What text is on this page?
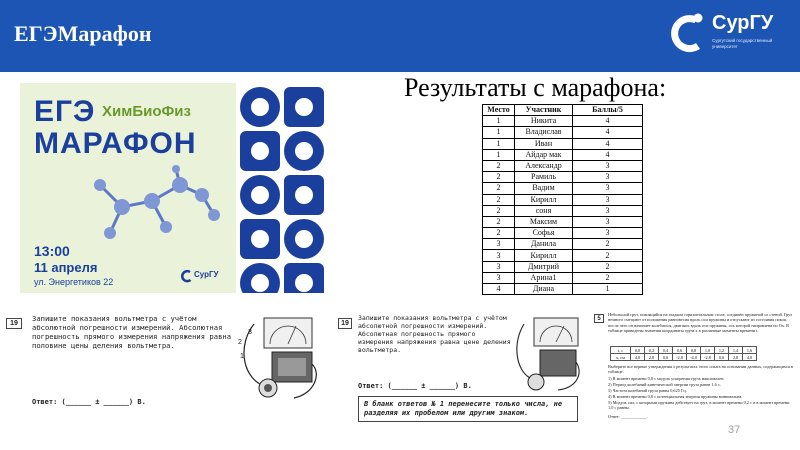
ЕГЭМарафон	СурГУ
Сургутский государственный университет
ЕГЭ ХимБиоФиз
МАРАФОН
13:00
11 апреля
ул. Энергетиков 22
СурГУ
Результаты с марафона:
Место	Участник	Баллы/5
1	Никита	4
1	Владислав	4
1	Иван	4
1	Айдар мак	4
2	Александр	3
2	Рамиль	3
2	Вадим	3
2	Кирилл	3
2	соня	3
2	Максим	3
2	Софья	3
3	Данила	2
3	Кирилл	2
3	Дмитрий	2
3	Арина1	2
4	Диана	1
19
Запишите показания вольтметра с учётом абсолютной погрешности измерений. Абсолютная погрешность прямого измерения напряжения равна половине цены деления вольтметра.	2
1
3
Ответ: (______ ± ______) В.
19
Запишите показания вольтметра с учётом абсолютной погрешности измерений. Абсолютная погрешность прямого измерения напряжения равна цене деления вольтметра.
Ответ: (______ ± ______) В.
В бланк ответов № 1 перенесите только числа, не разделяя их пробелом или другим знаком.
5
Небольшой груз, покоящийся на гладком горизонтальном столе, соединён пружиной со стеной. Груз немного смещают от положения равновесия вдоль оси пружины и отпускают из состояния покоя, после чего он начинает колебаться, двигаясь вдоль оси пружины, ось которой направлена по Ox. В таблице приведены значения координаты груза x в различные моменты времени t.
t, с	0,0	0,2	0,4	0,6	0,8	1,0	1,2	1,4	1,6
x, см	4,0	2,8	0,0	-2,8	-4,0	-2,8	0,0	2,8	4,0
Выберите все верные утверждения о результатах этого опыта на основании данных, содержащихся в таблице.
1) В момент времени 0,8 с модуль ускорения груза максимален.
2) Период колебаний кинетической энергии груза равен 1,6 с.
3) Частота колебаний груза равна 0,625 Гц.
4) В момент времени 0,8 с потенциальная энергия пружины минимальна.
5) Модуль сил, с которыми пружина действует на груз, в момент времени 0,2 с и в момент времени 1,0 с равны.
Ответ: ____________.
37
